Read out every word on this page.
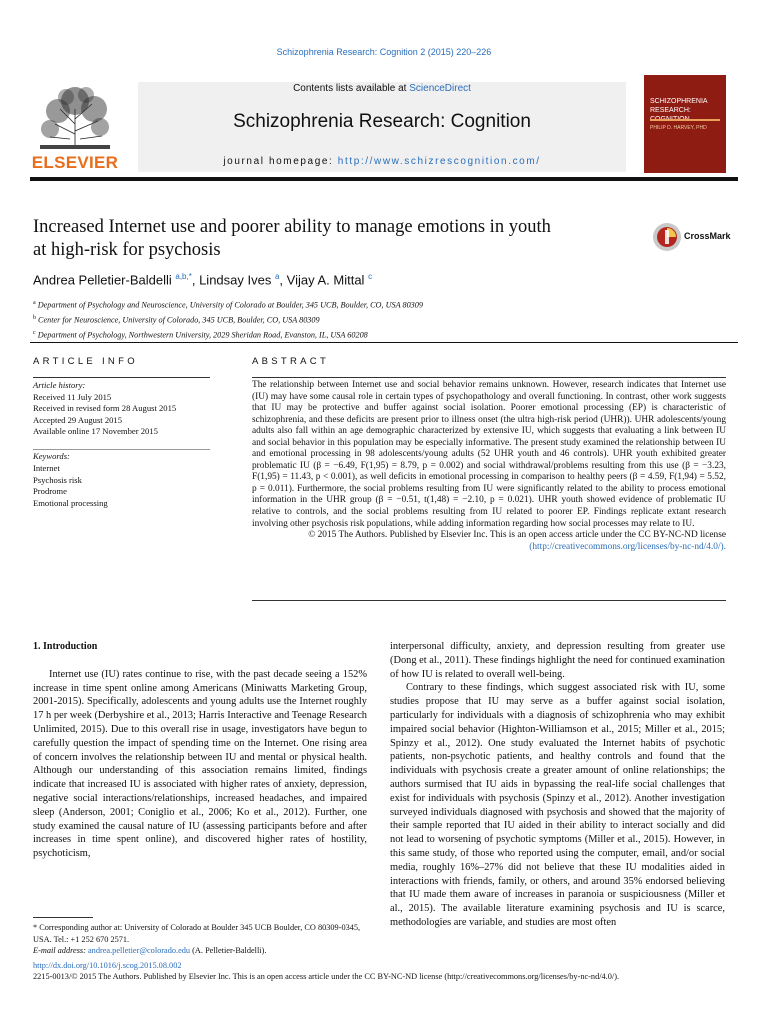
Schizophrenia Research: Cognition 2 (2015) 220–226
ELSEVIER
Contents lists available at ScienceDirect
Schizophrenia Research: Cognition
journal homepage: http://www.schizrescognition.com/
SCHIZOPHRENIA
RESEARCH:
PHILIP D. HARVEY, PHD
Increased Internet use and poorer ability to manage emotions in youth
at high-risk for psychosis
CrossMark
Andrea Pelletier-Baldelli $^{a,b,*}$, Lindsay Ives $^a$, Vijay A. Mittal $^c$
$^a$ Department of Psychology and Neuroscience, University of Colorado at Boulder, 345 UCB, Boulder, CO, USA 80309
$^b$ Center for Neuroscience, University of Colorado, 345 UCB, Boulder, CO, USA 80309
$^c$ Department of Psychology, Northwestern University, 2029 Sheridan Road, Evanston, IL, USA 60208
ARTICLE INFO	ABSTRACT
Article history:
Received 11 July 2015
Received in revised form 28 August 2015
Accepted 29 August 2015
Available online 17 November 2015
Keywords:
Internet
Psychosis risk
Prodrome
Emotional processing
The relationship between Internet use and social behavior remains unknown. However, research indicates that Internet use (IU) may have some causal role in certain types of psychopathology and overall functioning. In contrast, other work suggests that IU may be protective and buffer against social isolation. Poorer emotional processing (EP) is characteristic of schizophrenia, and these deficits are present prior to illness onset (the ultra high-risk period (UHR)). UHR adolescents/young adults also fall within an age demographic characterized by extensive IU, which suggests that evaluating a link between IU and social behavior in this population may be especially informative. The present study examined the relationship between IU and emotional processing in 98 adolescents/young adults (52 UHR youth and 46 controls). UHR youth exhibited greater problematic IU (β = −6.49, F(1,95) = 8.79, p = 0.002) and social withdrawal/problems resulting from this use (β = −3.23, F(1,95) = 11.43, p < 0.001), as well deficits in emotional processing in comparison to healthy peers (β = 4.59, F(1,94) = 5.52, p = 0.011). Furthermore, the social problems resulting from IU were significantly related to the ability to process emotional information in the UHR group (β = −0.51, t(1,48) = −2.10, p = 0.021). UHR youth showed evidence of problematic IU relative to controls, and the social problems resulting from IU related to poorer EP. Findings replicate extant research involving other psychosis risk populations, while adding information regarding how social processes may relate to IU.
© 2015 The Authors. Published by Elsevier Inc. This is an open access article under the CC BY-NC-ND license
(http://creativecommons.org/licenses/by-nc-nd/4.0/).

1. Introduction

Internet use (IU) rates continue to rise, with the past decade seeing a 152% increase in time spent online among Americans (Miniwatts Marketing Group, 2001-2015). Specifically, adolescents and young adults use the Internet roughly 17 h per week (Derbyshire et al., 2013; Harris Interactive and Teenage Research Unlimited, 2015). Due to this overall rise in usage, investigators have begun to carefully question the impact of spending time on the Internet. One rising area of concern involves the relationship between IU and mental or physical health. Although our understanding of this association remains limited, findings indicate that increased IU is associated with higher rates of anxiety, depression, negative social interactions/relationships, increased headaches, and impaired sleep (Anderson, 2001; Coniglio et al., 2006; Ko et al., 2012). Further, one study examined the causal nature of IU (assessing participants before and after increases in time spent online), and discovered higher rates of hostility, psychoticism,

interpersonal difficulty, anxiety, and depression resulting from greater use (Dong et al., 2011). These findings highlight the need for continued examination of how IU is related to overall well-being.

Contrary to these findings, which suggest associated risk with IU, some studies propose that IU may serve as a buffer against social isolation, particularly for individuals with a diagnosis of schizophrenia who may exhibit impaired social behavior (Highton-Williamson et al., 2015; Miller et al., 2015; Spinzy et al., 2012). One study evaluated the Internet habits of psychotic patients, non-psychotic patients, and healthy controls and found that the individuals with psychosis create a greater amount of online relationships; the authors surmised that IU aids in bypassing the real-life social challenges that exist for individuals with psychosis (Spinzy et al., 2012). Another investigation surveyed individuals diagnosed with psychosis and showed that the majority of their sample reported that IU aided in their ability to interact socially and did not lead to worsening of psychotic symptoms (Miller et al., 2015). However, in this same study, of those who reported using the computer, email, and/or social media, roughly 16%–27% did not believe that these IU modalities aided in interactions with friends, family, or others, and around 35% endorsed believing that IU made them aware of increases in paranoia or suspiciousness (Miller et al., 2015). The available literature examining psychosis and IU is scarce, methodologies are variable, and studies are most often

* Corresponding author at: University of Colorado at Boulder 345 UCB Boulder, CO 80309-0345, USA. Tel.: +1 252 670 2571.
E-mail address: andrea.pelletier@colorado.edu (A. Pelletier-Baldelli).
http://dx.doi.org/10.1016/j.scog.2015.08.002
2215-0013/© 2015 The Authors. Published by Elsevier Inc. This is an open access article under the CC BY-NC-ND license (http://creativecommons.org/licenses/by-nc-nd/4.0/).
